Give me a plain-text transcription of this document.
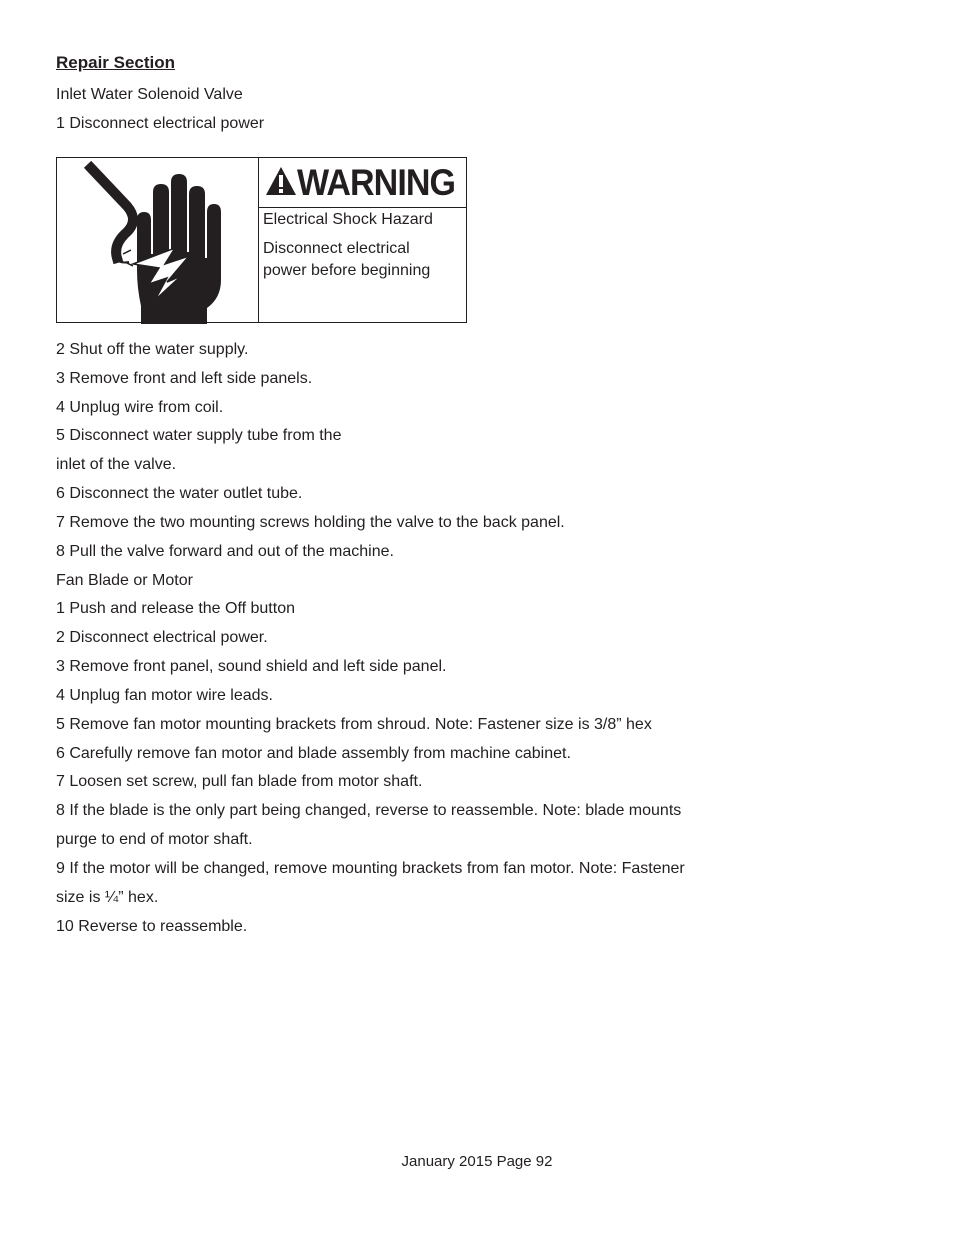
Repair Section
Inlet Water Solenoid Valve
1 Disconnect electrical power
WARNING
Electrical Shock Hazard
Disconnect electrical
power before beginning
2 Shut off the water supply.
3 Remove front and left side panels.
4 Unplug wire from coil.
5 Disconnect water supply tube from the
inlet of the valve.
6 Disconnect the water outlet tube.
7 Remove the two mounting screws holding the valve to the back panel.
8 Pull the valve forward and out of the machine.
Fan Blade or Motor
1 Push and release the Off button
2 Disconnect electrical power.
3 Remove front panel, sound shield and left side panel.
4 Unplug fan motor wire leads.
5 Remove fan motor mounting brackets from shroud. Note: Fastener size is 3/8” hex
6 Carefully remove fan motor and blade assembly from machine cabinet.
7 Loosen set screw, pull fan blade from motor shaft.
8 If the blade is the only part being changed, reverse to reassemble. Note: blade mounts
purge to end of motor shaft.
9 If the motor will be changed, remove mounting brackets from fan motor. Note: Fastener
size is ¼” hex.
10 Reverse to reassemble.
January 2015 Page 92
